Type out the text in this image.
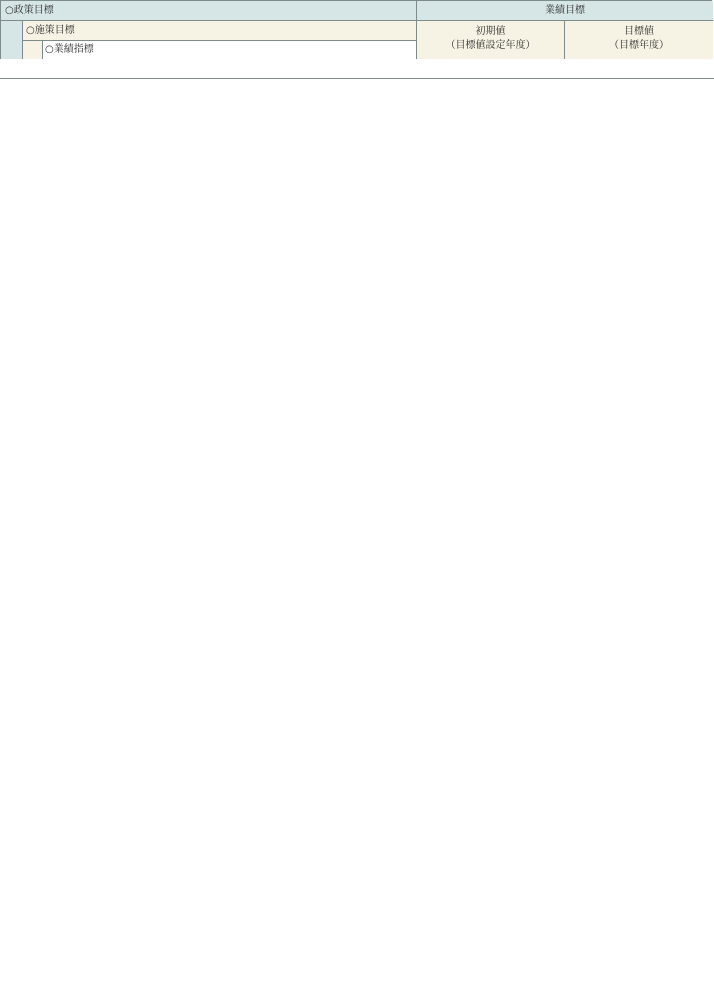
○政策目標
○施策目標
○業績指標
業績目標
初期値
（目標値設定年度）
目標値
（目標年度）
